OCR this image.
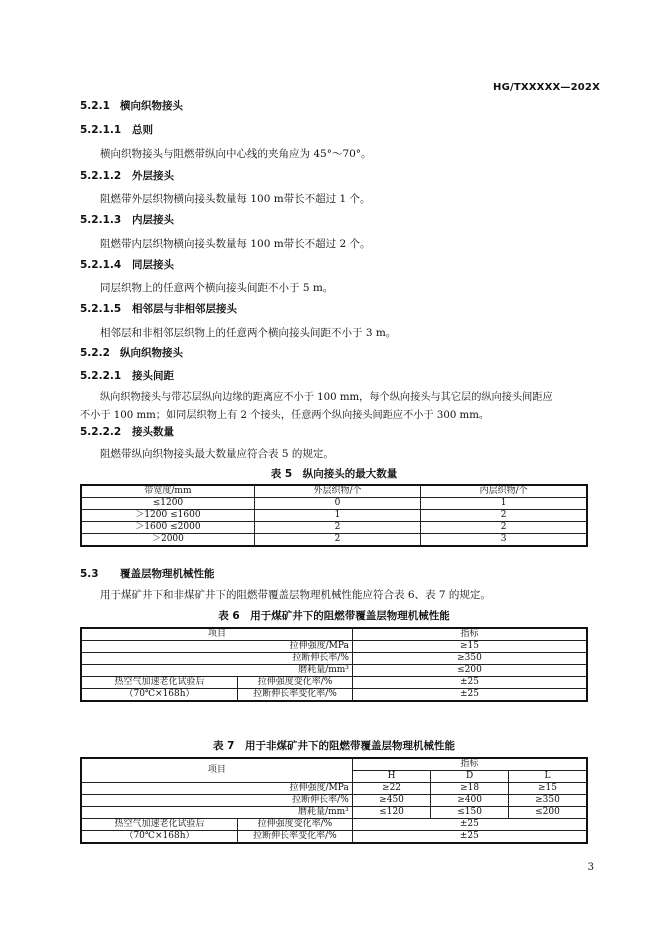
HG/TXXXXX—202X
5.2.1 横向织物接头
5.2.1.1 总则
横向织物接头与阻燃带纵向中心线的夹角应为 45°～70°。
5.2.1.2 外层接头
阻燃带外层织物横向接头数量每 100 m带长不超过 1 个。
5.2.1.3 内层接头
阻燃带内层织物横向接头数量每 100 m带长不超过 2 个。
5.2.1.4 同层接头
同层织物上的任意两个横向接头间距不小于 5 m。
5.2.1.5 相邻层与非相邻层接头
相邻层和非相邻层织物上的任意两个横向接头间距不小于 3 m。
5.2.2 纵向织物接头
5.2.2.1 接头间距
纵向织物接头与带芯层纵向边缘的距离应不小于 100 mm，每个纵向接头与其它层的纵向接头间距应
不小于 100 mm；如同层织物上有 2 个接头，任意两个纵向接头间距应不小于 300 mm。
5.2.2.2 接头数量
阻燃带纵向织物接头最大数量应符合表 5 的规定。
表 5　纵向接头的最大数量
带宽度/mm	外层织物/个	内层织物/个
≤1200	0	1
＞1200 ≤1600	1	2
＞1600 ≤2000	2	2
＞2000	2	3
5.3 覆盖层物理机械性能
用于煤矿井下和非煤矿井下的阻燃带覆盖层物理机械性能应符合表 6、表 7 的规定。
表 6　用于煤矿井下的阻燃带覆盖层物理机械性能
项目		指标
拉伸强度/MPa		≥15
拉断伸长率/%		≥350
磨耗量/mm³		≤200
热空气加速老化试验后	拉伸强度变化率/%	±25
（70℃×168h）	拉断伸长率变化率/%	±25
表 7　用于非煤矿井下的阻燃带覆盖层物理机械性能
项目		指标		
		H	D	L
拉伸强度/MPa		≥22	≥18	≥15
拉断伸长率/%		≥450	≥400	≥350
磨耗量/mm³		≤120	≤150	≤200
热空气加速老化试验后	拉伸强度变化率/%	±25		
（70℃×168h）	拉断伸长率变化率/%	±25		
3
